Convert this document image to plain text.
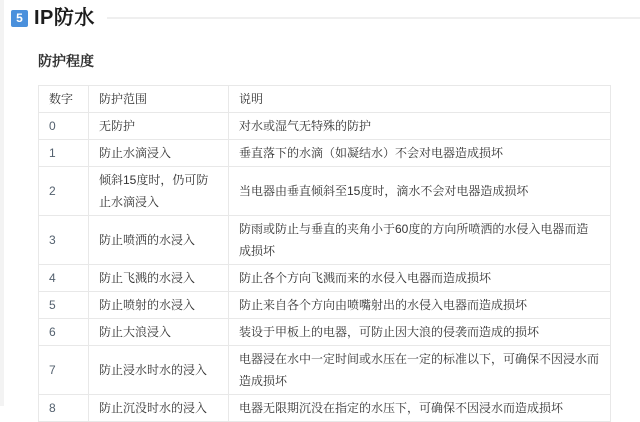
5 IP防水
防护程度
数字	防护范围	说明
0	无防护	对水或湿气无特殊的防护
1	防止水滴浸入	垂直落下的水滴（如凝结水）不会对电器造成损坏
2	倾斜15度时，仍可防止水滴浸入	当电器由垂直倾斜至15度时，滴水不会对电器造成损坏
3	防止喷洒的水浸入	防雨或防止与垂直的夹角小于60度的方向所喷洒的水侵入电器而造成损坏
4	防止飞溅的水浸入	防止各个方向飞溅而来的水侵入电器而造成损坏
5	防止喷射的水浸入	防止来自各个方向由喷嘴射出的水侵入电器而造成损坏
6	防止大浪浸入	装设于甲板上的电器，可防止因大浪的侵袭而造成的损坏
7	防止浸水时水的浸入	电器浸在水中一定时间或水压在一定的标准以下，可确保不因浸水而造成损坏
8	防止沉没时水的浸入	电器无限期沉没在指定的水压下，可确保不因浸水而造成损坏
